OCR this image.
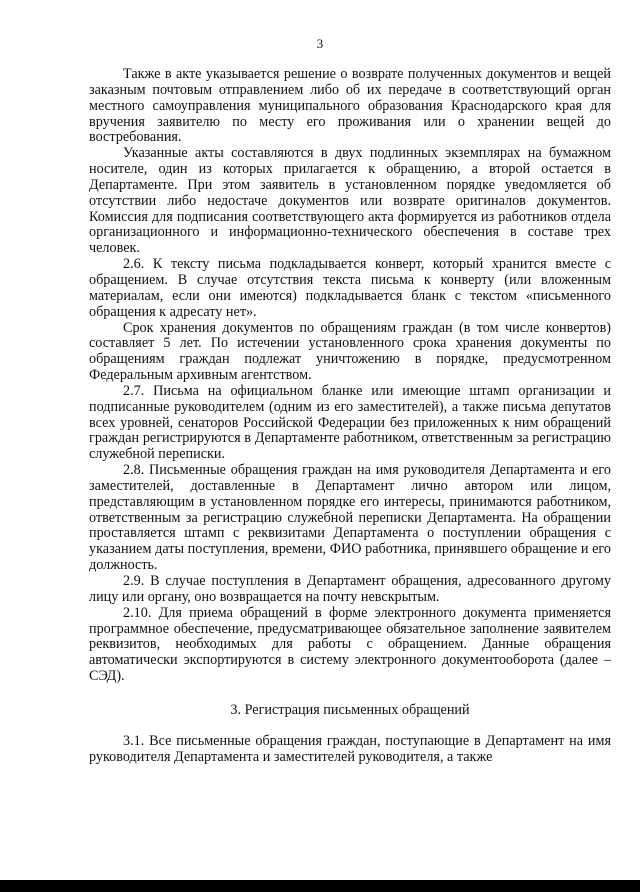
3

Также в акте указывается решение о возврате полученных документов и вещей заказным почтовым отправлением либо об их передаче в соответствующий орган местного самоуправления муниципального образования Краснодарского края для вручения заявителю по месту его проживания или о хранении вещей до востребования.

Указанные акты составляются в двух подлинных экземплярах на бумажном носителе, один из которых прилагается к обращению, а второй остается в Департаменте. При этом заявитель в установленном порядке уведомляется об отсутствии либо недостаче документов или возврате оригиналов документов. Комиссия для подписания соответствующего акта формируется из работников отдела организационного и информационно-технического обеспечения в составе трех человек.

2.6. К тексту письма подкладывается конверт, который хранится вместе с обращением. В случае отсутствия текста письма к конверту (или вложенным материалам, если они имеются) подкладывается бланк с текстом «письменного обращения к адресату нет».

Срок хранения документов по обращениям граждан (в том числе конвертов) составляет 5 лет. По истечении установленного срока хранения документы по обращениям граждан подлежат уничтожению в порядке, предусмотренном Федеральным архивным агентством.

2.7. Письма на официальном бланке или имеющие штамп организации и подписанные руководителем (одним из его заместителей), а также письма депутатов всех уровней, сенаторов Российской Федерации без приложенных к ним обращений граждан регистрируются в Департаменте работником, ответственным за регистрацию служебной переписки.

2.8. Письменные обращения граждан на имя руководителя Департамента и его заместителей, доставленные в Департамент лично автором или лицом, представляющим в установленном порядке его интересы, принимаются работником, ответственным за регистрацию служебной переписки Департамента. На обращении проставляется штамп с реквизитами Департамента о поступлении обращения с указанием даты поступления, времени, ФИО работника, принявшего обращение и его должность.

2.9. В случае поступления в Департамент обращения, адресованного другому лицу или органу, оно возвращается на почту невскрытым.

2.10. Для приема обращений в форме электронного документа применяется программное обеспечение, предусматривающее обязательное заполнение заявителем реквизитов, необходимых для работы с обращением. Данные обращения автоматически экспортируются в систему электронного документооборота (далее – СЭД).

3. Регистрация письменных обращений

3.1. Все письменные обращения граждан, поступающие в Департамент на имя руководителя Департамента и заместителей руководителя, а также
